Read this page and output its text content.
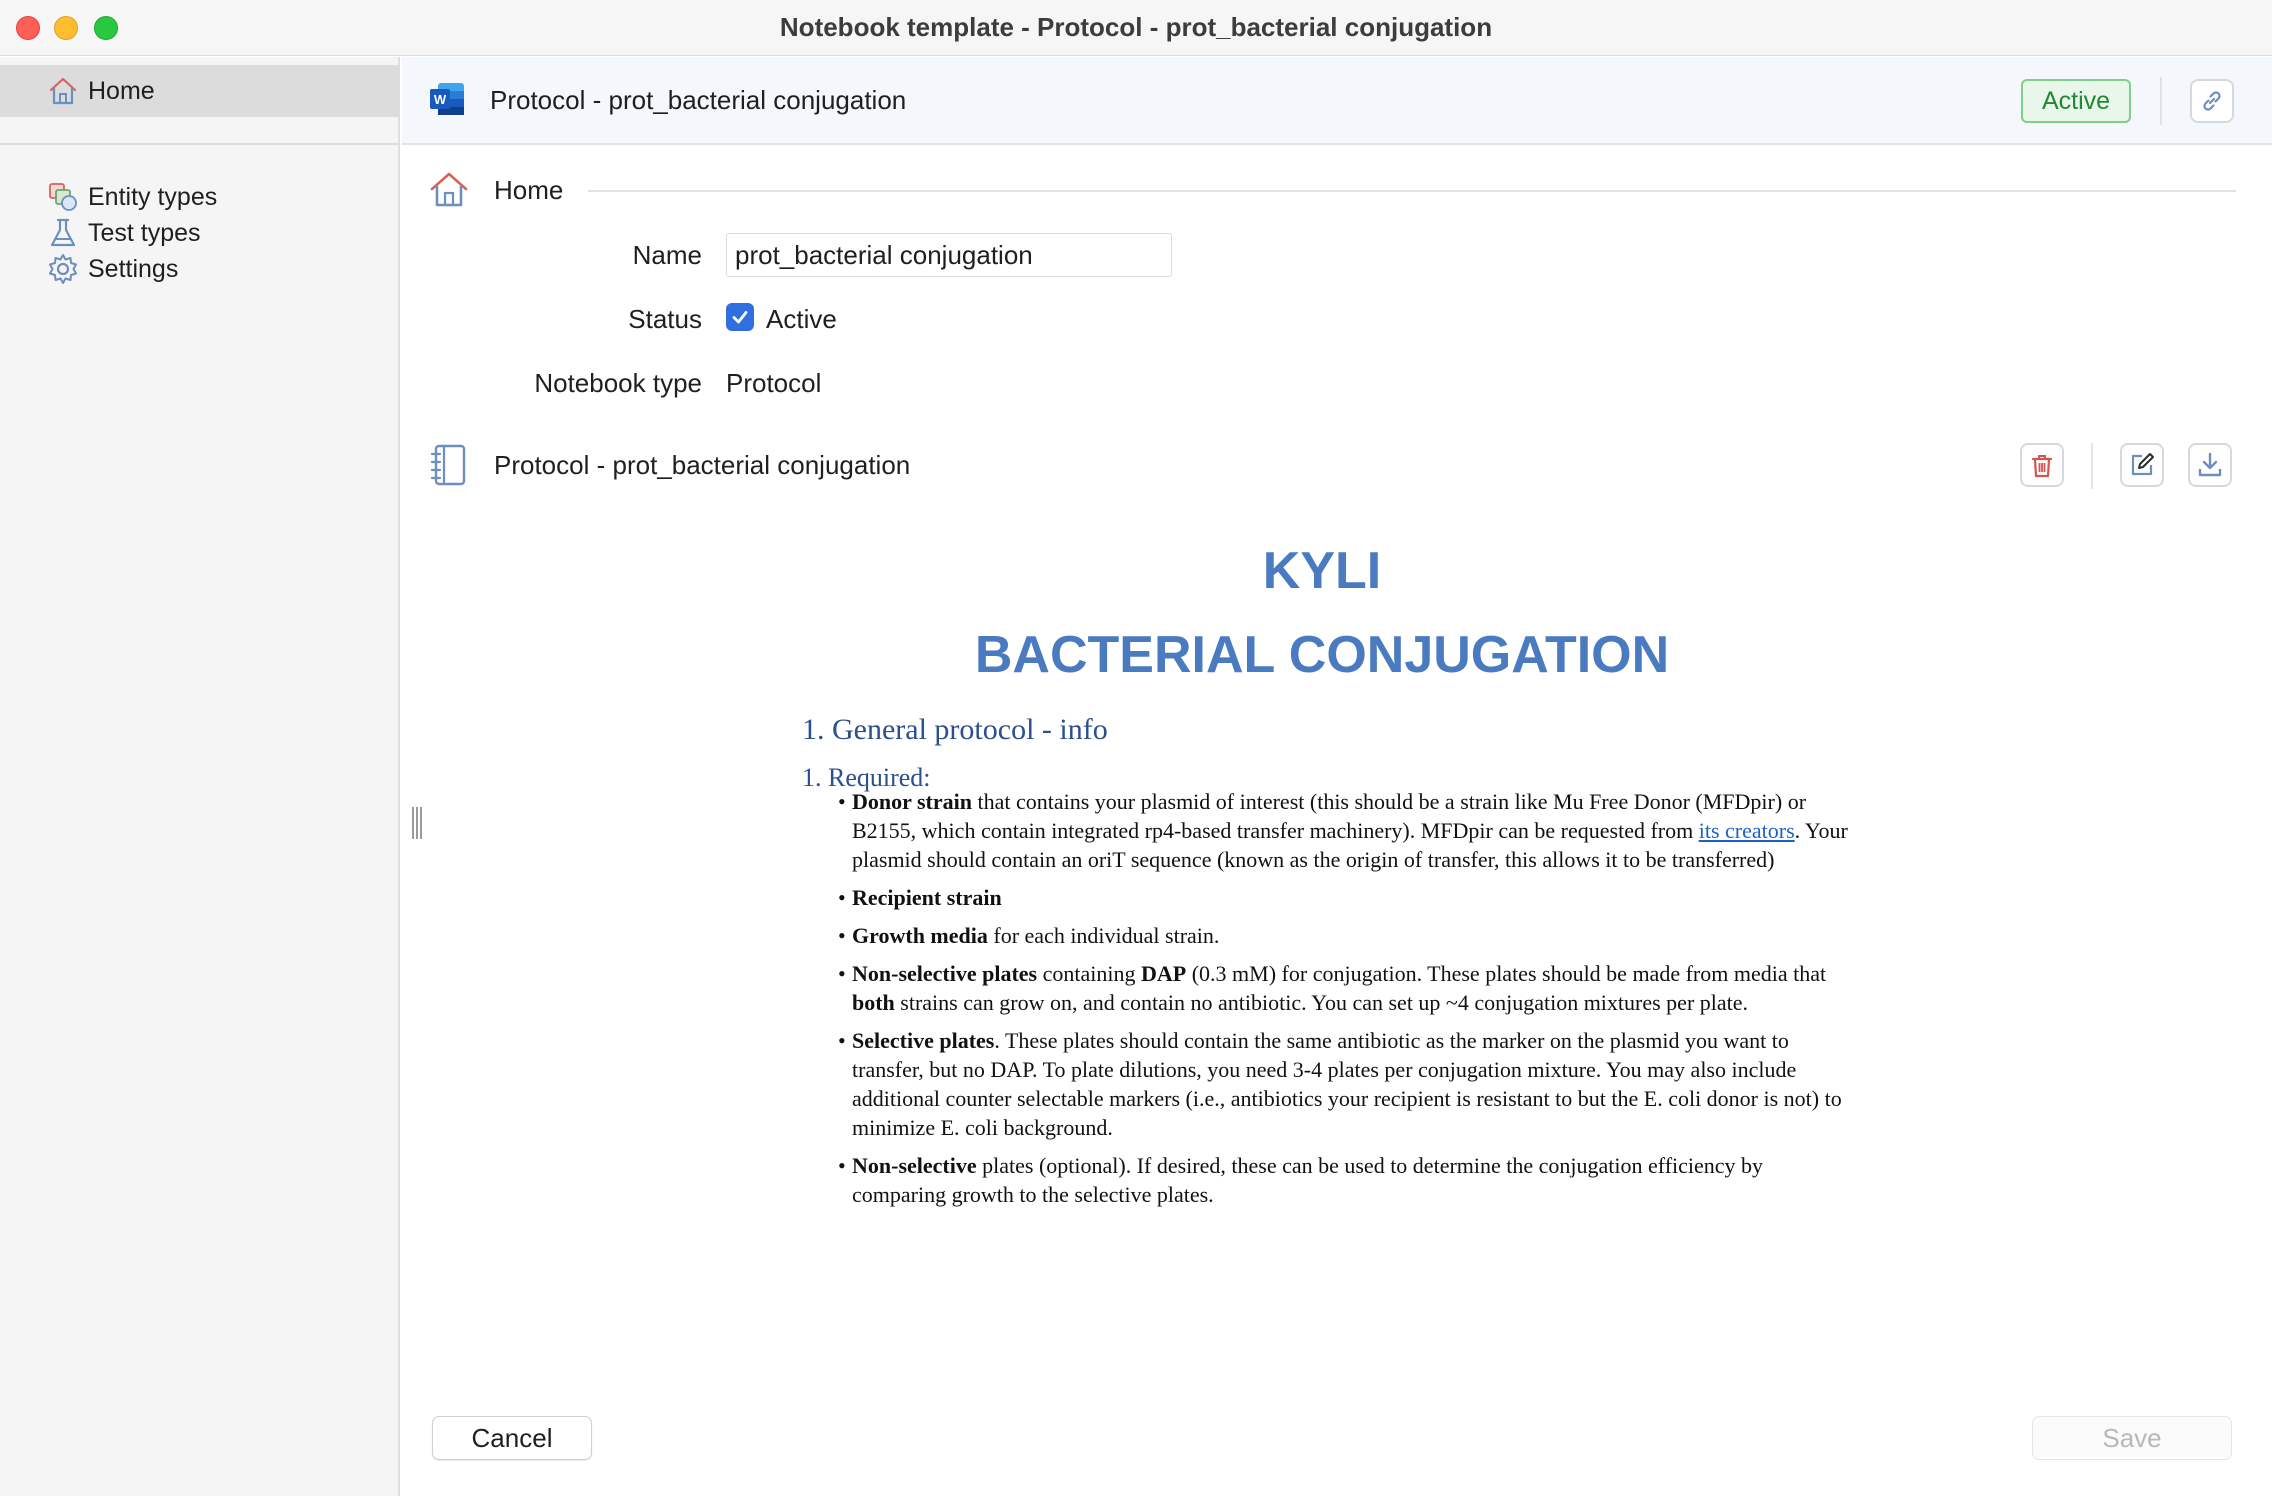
Notebook template - Protocol - prot_bacterial conjugation
Home
Entity types
Test types
Settings
W Protocol - prot_bacterial conjugation	Active
Home
Name
prot_bacterial conjugation
Status Active
Notebook type Protocol
Protocol - prot_bacterial conjugation
KYLI
BACTERIAL CONJUGATION
1. General protocol - info
1. Required:
• Donor strain that contains your plasmid of interest (this should be a strain like Mu Free Donor (MFDpir) or B2155, which contain integrated rp4-based transfer machinery). MFDpir can be requested from its creators. Your plasmid should contain an oriT sequence (known as the origin of transfer, this allows it to be transferred)
• Recipient strain
• Growth media for each individual strain.
• Non-selective plates containing DAP (0.3 mM) for conjugation. These plates should be made from media that both strains can grow on, and contain no antibiotic. You can set up ~4 conjugation mixtures per plate.
• Selective plates. These plates should contain the same antibiotic as the marker on the plasmid you want to transfer, but no DAP. To plate dilutions, you need 3-4 plates per conjugation mixture. You may also include additional counter selectable markers (i.e., antibiotics your recipient is resistant to but the E. coli donor is not) to minimize E. coli background.
• Non-selective plates (optional). If desired, these can be used to determine the conjugation efficiency by comparing growth to the selective plates.
Cancel	Save
